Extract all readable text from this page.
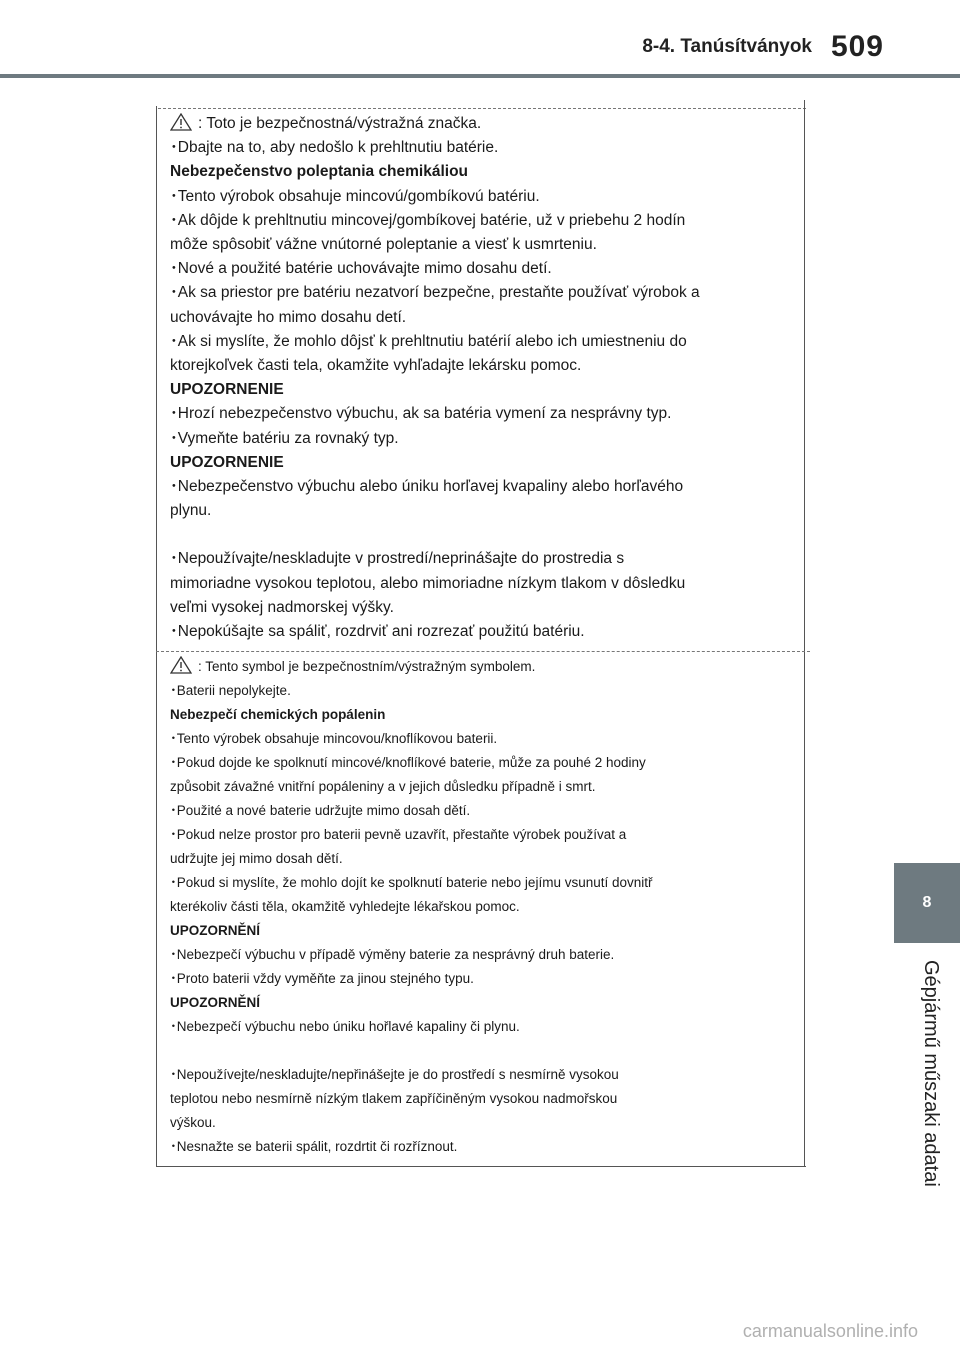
8-4. Tanúsítványok 509
8
Gépjármű műszaki adatai
: Toto je bezpečnostná/výstražná značka.
･Dbajte na to, aby nedošlo k prehltnutiu batérie.
Nebezpečenstvo poleptania chemikáliou
･Tento výrobok obsahuje mincovú/gombíkovú batériu.
･Ak dôjde k prehltnutiu mincovej/gombíkovej batérie, už v priebehu 2 hodín
môže spôsobiť vážne vnútorné poleptanie a viesť k usmrteniu.
･Nové a použité batérie uchovávajte mimo dosahu detí.
･Ak sa priestor pre batériu nezatvorí bezpečne, prestaňte používať výrobok a
uchovávajte ho mimo dosahu detí.
･Ak si myslíte, že mohlo dôjsť k prehltnutiu batérií alebo ich umiestneniu do
ktorejkoľvek časti tela, okamžite vyhľadajte lekársku pomoc.
UPOZORNENIE
･Hrozí nebezpečenstvo výbuchu, ak sa batéria vymení za nesprávny typ.
･Vymeňte batériu za rovnaký typ.
UPOZORNENIE
･Nebezpečenstvo výbuchu alebo úniku horľavej kvapaliny alebo horľavého
plynu.
･Nepoužívajte/neskladujte v prostredí/neprinášajte do prostredia s
mimoriadne vysokou teplotou, alebo mimoriadne nízkym tlakom v dôsledku
veľmi vysokej nadmorskej výšky.
･Nepokúšajte sa spáliť, rozdrviť ani rozrezať použitú batériu.
: Tento symbol je bezpečnostním/výstražným symbolem.
･Baterii nepolykejte.
Nebezpečí chemických popálenin
･Tento výrobek obsahuje mincovou/knoflíkovou baterii.
･Pokud dojde ke spolknutí mincové/knoflíkové baterie, může za pouhé 2 hodiny
způsobit závažné vnitřní popáleniny a v jejich důsledku případně i smrt.
･Použité a nové baterie udržujte mimo dosah dětí.
･Pokud nelze prostor pro baterii pevně uzavřít, přestaňte výrobek používat a
udržujte jej mimo dosah dětí.
･Pokud si myslíte, že mohlo dojít ke spolknutí baterie nebo jejímu vsunutí dovnitř
kterékoliv části těla, okamžitě vyhledejte lékařskou pomoc.
UPOZORNĚNÍ
･Nebezpečí výbuchu v případě výměny baterie za nesprávný druh baterie.
･Proto baterii vždy vyměňte za jinou stejného typu.
UPOZORNĚNÍ
･Nebezpečí výbuchu nebo úniku hořlavé kapaliny či plynu.
･Nepoužívejte/neskladujte/nepřinášejte je do prostředí s nesmírně vysokou
teplotou nebo nesmírně nízkým tlakem zapříčiněným vysokou nadmořskou
výškou.
･Nesnažte se baterii spálit, rozdrtit či rozříznout.
carmanualsonline.info
